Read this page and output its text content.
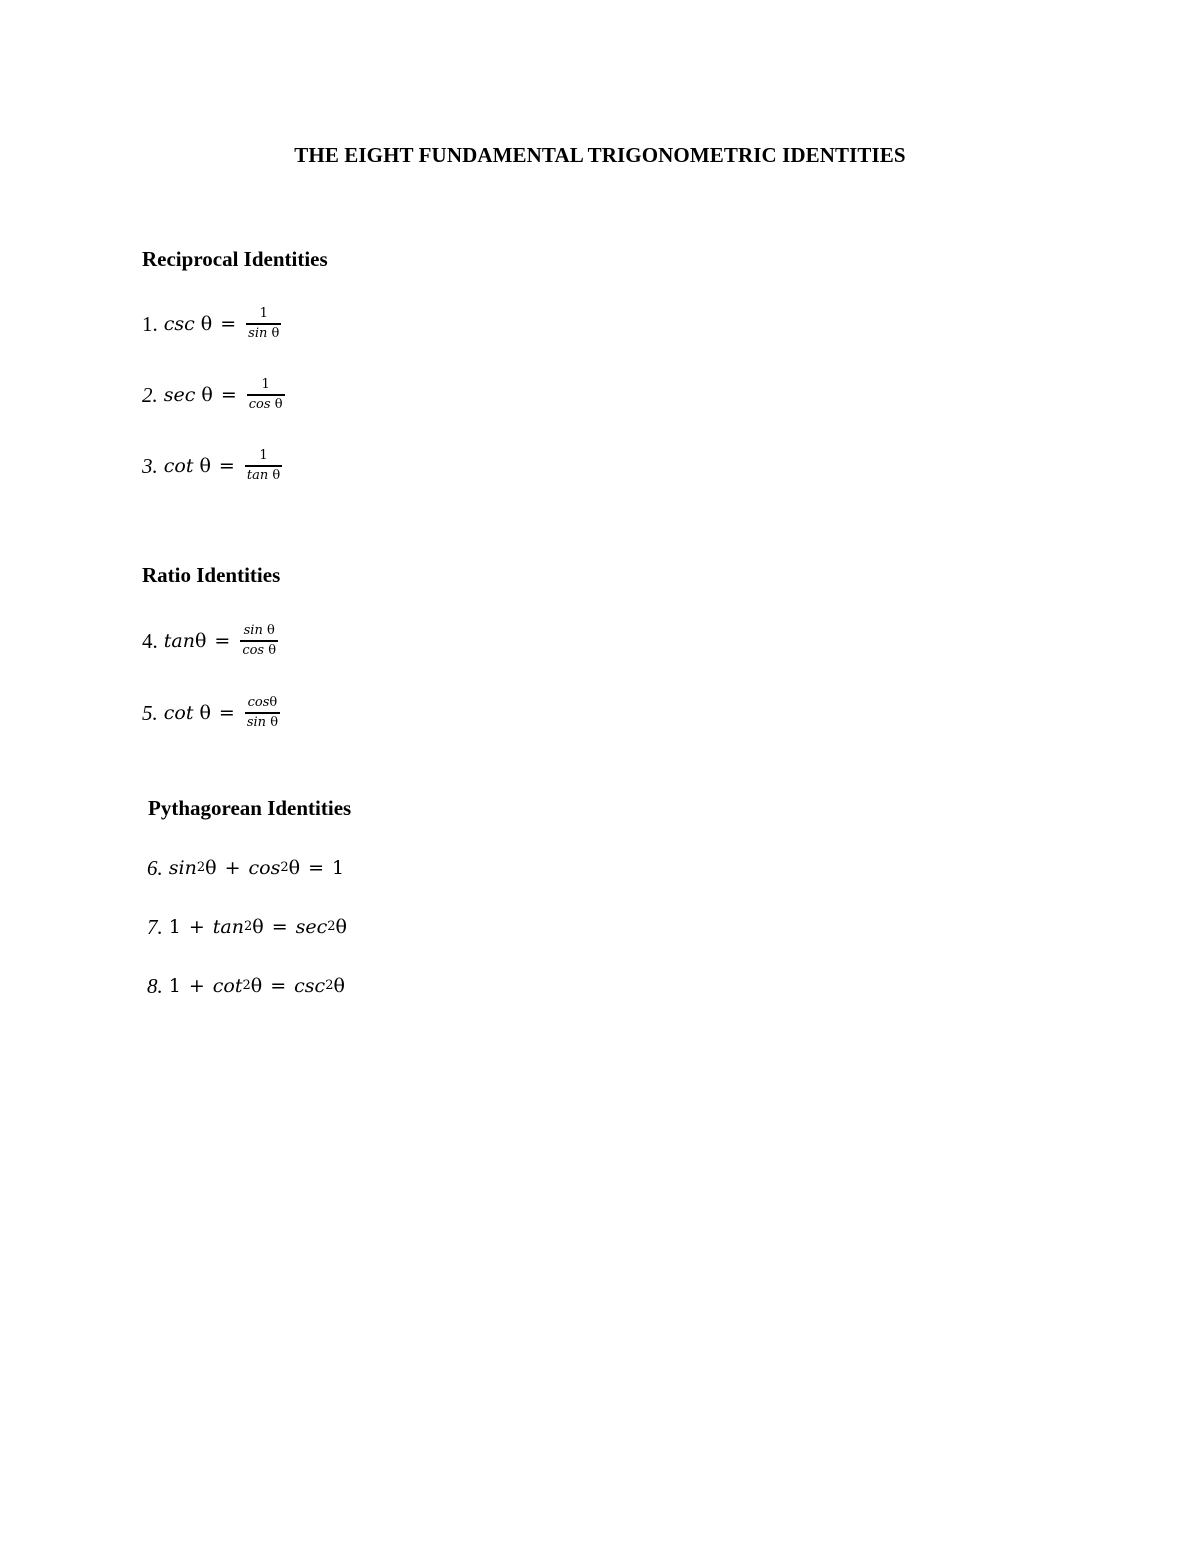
THE EIGHT FUNDAMENTAL TRIGONOMETRIC IDENTITIES
Reciprocal Identities
1. $\csc \theta = \frac{1}{\text{sin θ}}$
2. $\sec \theta = \frac{1}{\text{cos θ}}$
3. $\cot \theta = \frac{1}{\text{tan θ}}$
Ratio Identities
4. $\tan \theta = \frac{\text{sin θ}}{\text{cos θ}}$
5. $\cot \theta = \frac{\cos\theta}{\text{sin θ}}$
Pythagorean Identities
6. sin 2 θ + cos 2 θ = 1
7. 1 + tan 2 θ = sec 2 θ
8. 1 + cot 2 θ = csc 2 θ
